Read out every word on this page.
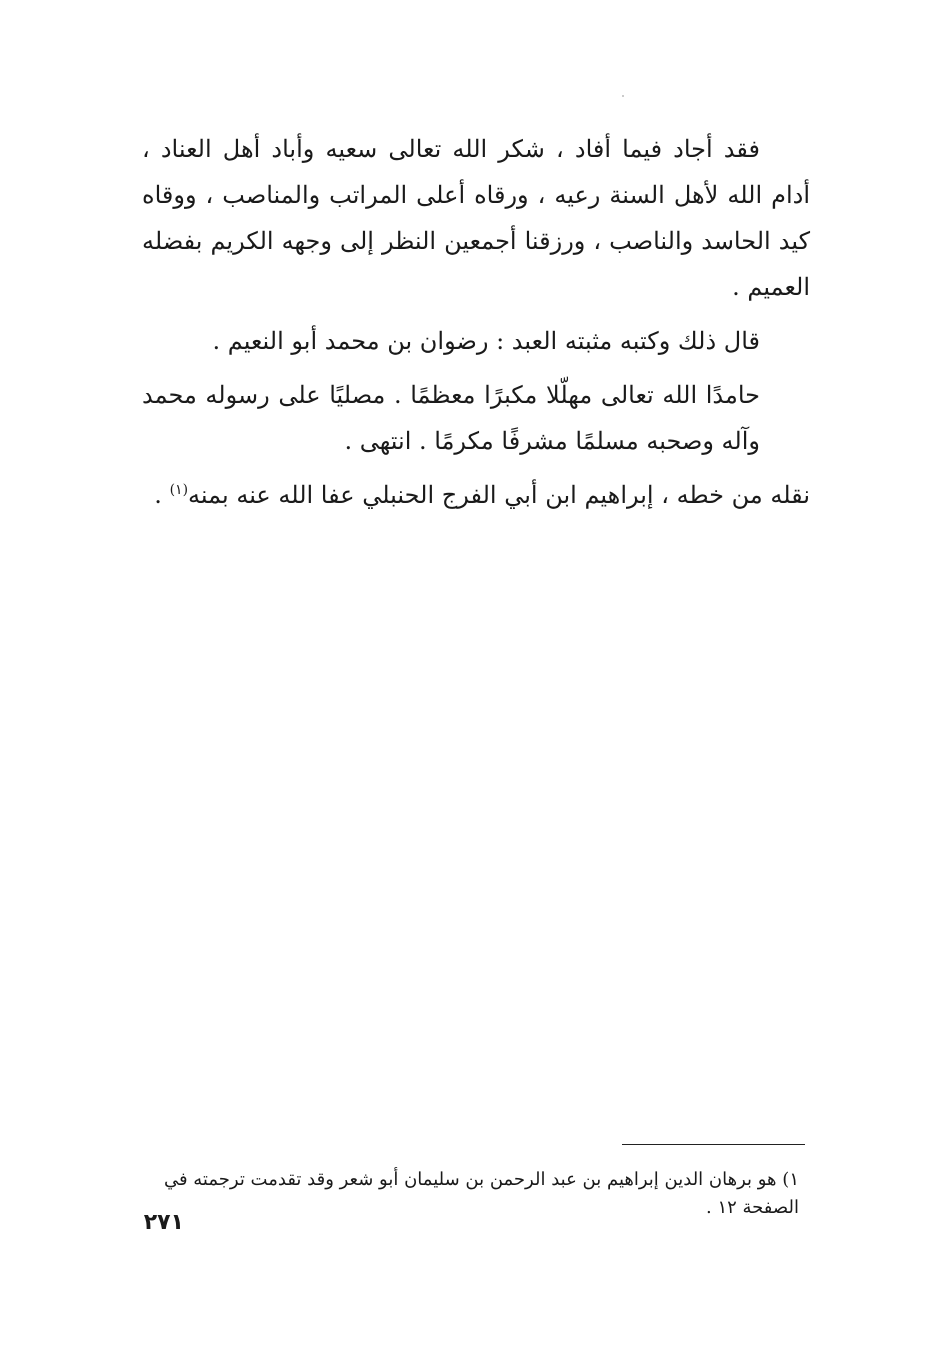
فقد أجاد فيما أفاد ، شكر الله تعالى سعيه وأباد أهل العناد ، أدام الله لأهل السنة رعيه ، ورقاه أعلى المراتب والمناصب ، ووقاه كيد الحاسد والناصب ، ورزقنا أجمعين النظر إلى وجهه الكريم بفضله العميم .

قال ذلك وكتبه مثبته العبد : رضوان بن محمد أبو النعيم .

حامدًا الله تعالى مهلّلا مكبرًا معظمًا . مصليًا على رسوله محمد وآله وصحبه مسلمًا مشرفًا مكرمًا . انتهى .

نقله من خطه ، إبراهيم ابن أبي الفرج الحنبلي عفا الله عنه بمنه$^{(١)}$ .

١) هو برهان الدين إبراهيم بن عبد الرحمن بن سليمان أبو شعر وقد تقدمت ترجمته في الصفحة ١٢ .
٢٧١
